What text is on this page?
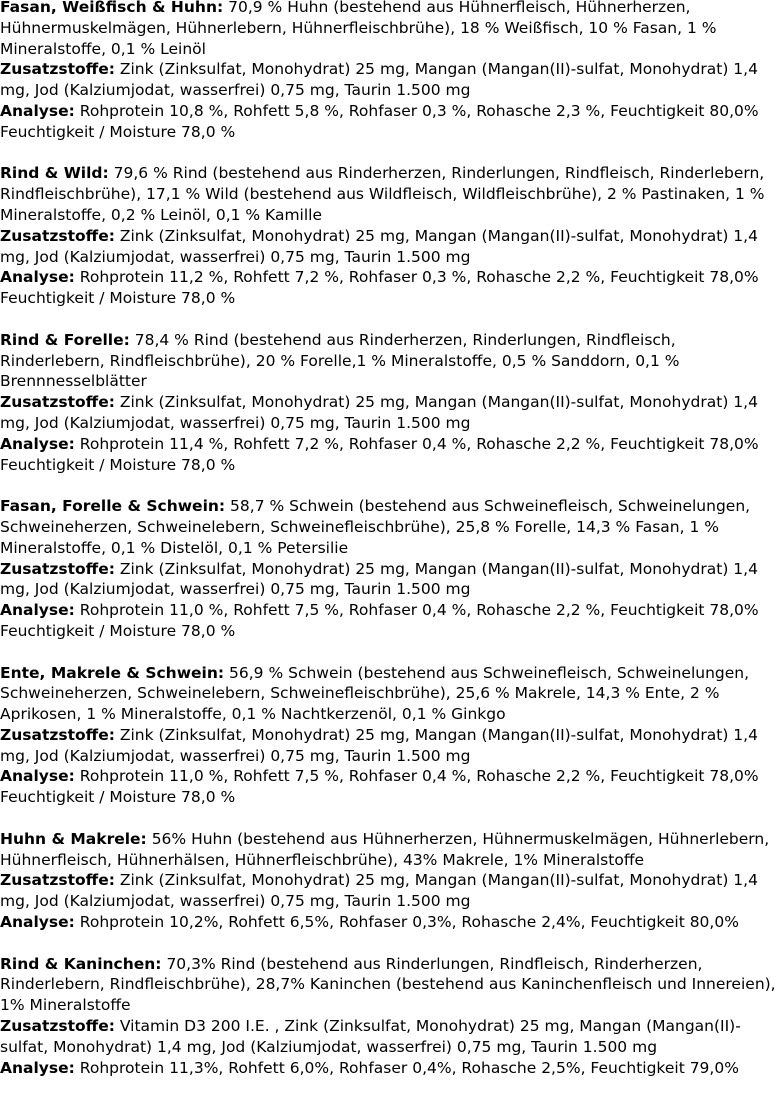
Fasan, Weißfisch & Huhn: 70,9 % Huhn (bestehend aus Hühnerfleisch, Hühnerherzen, Hühnermuskelmägen, Hühnerlebern, Hühnerfleischbrühe), 18 % Weißfisch, 10 % Fasan, 1 % Mineralstoffe, 0,1 % Leinöl

Zusatzstoffe: Zink (Zinksulfat, Monohydrat) 25 mg, Mangan (Mangan(II)-sulfat, Monohydrat) 1,4 mg, Jod (Kalziumjodat, wasserfrei) 0,75 mg, Taurin 1.500 mg

Analyse: Rohprotein 10,8 %, Rohfett 5,8 %, Rohfaser 0,3 %, Rohasche 2,3 %, Feuchtigkeit 80,0% Feuchtigkeit / Moisture 78,0 %

Rind & Wild: 79,6 % Rind (bestehend aus Rinderherzen, Rinderlungen, Rindfleisch, Rinderlebern, Rindfleischbrühe), 17,1 % Wild (bestehend aus Wildfleisch, Wildfleischbrühe), 2 % Pastinaken, 1 % Mineralstoffe, 0,2 % Leinöl, 0,1 % Kamille

Zusatzstoffe: Zink (Zinksulfat, Monohydrat) 25 mg, Mangan (Mangan(II)-sulfat, Monohydrat) 1,4 mg, Jod (Kalziumjodat, wasserfrei) 0,75 mg, Taurin 1.500 mg

Analyse: Rohprotein 11,2 %, Rohfett 7,2 %, Rohfaser 0,3 %, Rohasche 2,2 %, Feuchtigkeit 78,0% Feuchtigkeit / Moisture 78,0 %

Rind & Forelle: 78,4 % Rind (bestehend aus Rinderherzen, Rinderlungen, Rindfleisch, Rinderlebern, Rindfleischbrühe), 20 % Forelle,1 % Mineralstoffe, 0,5 % Sanddorn, 0,1 % Brennnesselblätter

Zusatzstoffe: Zink (Zinksulfat, Monohydrat) 25 mg, Mangan (Mangan(II)-sulfat, Monohydrat) 1,4 mg, Jod (Kalziumjodat, wasserfrei) 0,75 mg, Taurin 1.500 mg

Analyse: Rohprotein 11,4 %, Rohfett 7,2 %, Rohfaser 0,4 %, Rohasche 2,2 %, Feuchtigkeit 78,0% Feuchtigkeit / Moisture 78,0 %

Fasan, Forelle & Schwein: 58,7 % Schwein (bestehend aus Schweinefleisch, Schweinelungen, Schweineherzen, Schweinelebern, Schweinefleischbrühe), 25,8 % Forelle, 14,3 % Fasan, 1 % Mineralstoffe, 0,1 % Distelöl, 0,1 % Petersilie

Zusatzstoffe: Zink (Zinksulfat, Monohydrat) 25 mg, Mangan (Mangan(II)-sulfat, Monohydrat) 1,4 mg, Jod (Kalziumjodat, wasserfrei) 0,75 mg, Taurin 1.500 mg

Analyse: Rohprotein 11,0 %, Rohfett 7,5 %, Rohfaser 0,4 %, Rohasche 2,2 %, Feuchtigkeit 78,0% Feuchtigkeit / Moisture 78,0 %

Ente, Makrele & Schwein: 56,9 % Schwein (bestehend aus Schweinefleisch, Schweinelungen, Schweineherzen, Schweinelebern, Schweinefleischbrühe), 25,6 % Makrele, 14,3 % Ente, 2 % Aprikosen, 1 % Mineralstoffe, 0,1 % Nachtkerzenöl, 0,1 % Ginkgo

Zusatzstoffe: Zink (Zinksulfat, Monohydrat) 25 mg, Mangan (Mangan(II)-sulfat, Monohydrat) 1,4 mg, Jod (Kalziumjodat, wasserfrei) 0,75 mg, Taurin 1.500 mg

Analyse: Rohprotein 11,0 %, Rohfett 7,5 %, Rohfaser 0,4 %, Rohasche 2,2 %, Feuchtigkeit 78,0% Feuchtigkeit / Moisture 78,0 %

Huhn & Makrele: 56% Huhn (bestehend aus Hühnerherzen, Hühnermuskelmägen, Hühnerlebern, Hühnerfleisch, Hühnerhälsen, Hühnerfleischbrühe), 43% Makrele, 1% Mineralstoffe

Zusatzstoffe: Zink (Zinksulfat, Monohydrat) 25 mg, Mangan (Mangan(II)-sulfat, Monohydrat) 1,4 mg, Jod (Kalziumjodat, wasserfrei) 0,75 mg, Taurin 1.500 mg

Analyse: Rohprotein 10,2%, Rohfett 6,5%, Rohfaser 0,3%, Rohasche 2,4%, Feuchtigkeit 80,0%

Rind & Kaninchen: 70,3% Rind (bestehend aus Rinderlungen, Rindfleisch, Rinderherzen, Rinderlebern, Rindfleischbrühe), 28,7% Kaninchen (bestehend aus Kaninchenfleisch und Innereien), 1% Mineralstoffe

Zusatzstoffe: Vitamin D3 200 I.E. , Zink (Zinksulfat, Monohydrat) 25 mg, Mangan (Mangan(II)-sulfat, Monohydrat) 1,4 mg, Jod (Kalziumjodat, wasserfrei) 0,75 mg, Taurin 1.500 mg

Analyse: Rohprotein 11,3%, Rohfett 6,0%, Rohfaser 0,4%, Rohasche 2,5%, Feuchtigkeit 79,0%
